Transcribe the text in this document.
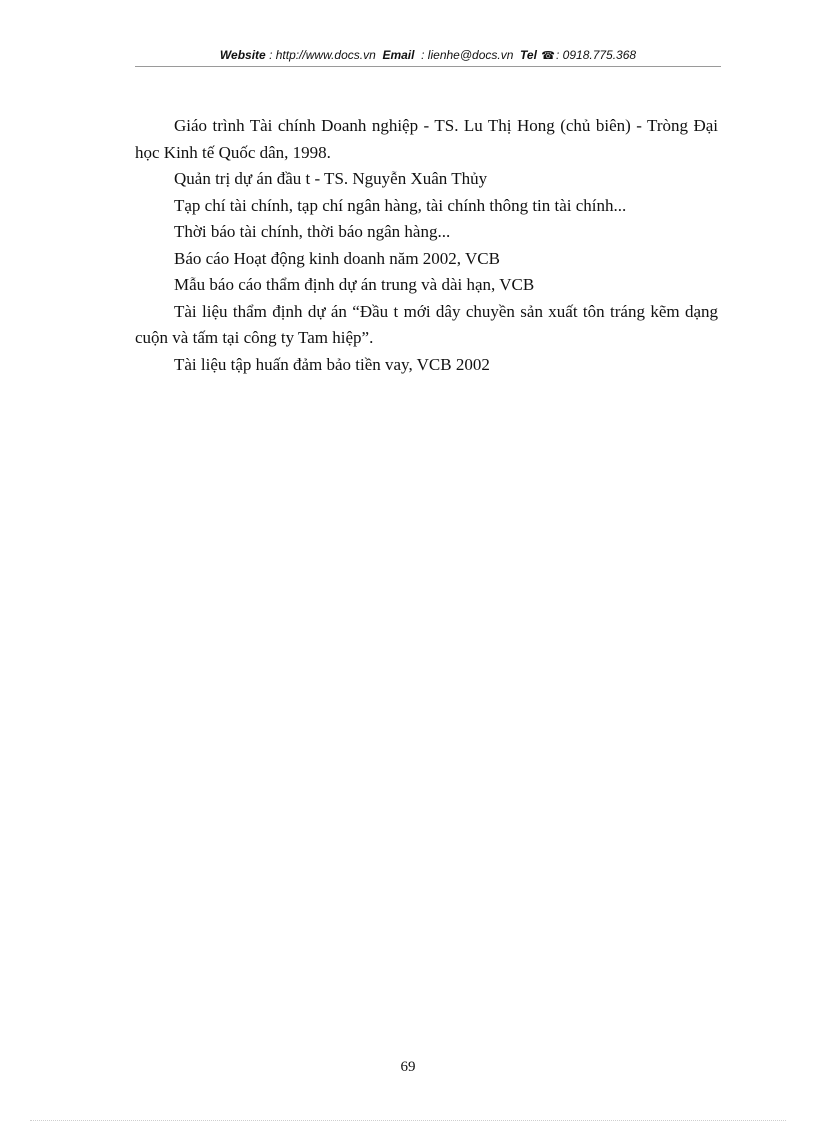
Website : http://www.docs.vn Email : lienhe@docs.vn Tel ☎: 0918.775.368

Giáo trình Tài chính Doanh nghiệp - TS. Lu Thị Hong (chủ biên) - Tròng Đại học Kinh tế Quốc dân, 1998.

Quản trị dự án đầu t - TS. Nguyễn Xuân Thủy

Tạp chí tài chính, tạp chí ngân hàng, tài chính thông tin tài chính...

Thời báo tài chính, thời báo ngân hàng...

Báo cáo Hoạt động kinh doanh năm 2002, VCB

Mẫu báo cáo thẩm định dự án trung và dài hạn, VCB

Tài liệu thẩm định dự án “Đầu t mới dây chuyền sản xuất tôn tráng kẽm dạng cuộn và tấm tại công ty Tam hiệp”.

Tài liệu tập huấn đảm bảo tiền vay, VCB 2002

69
